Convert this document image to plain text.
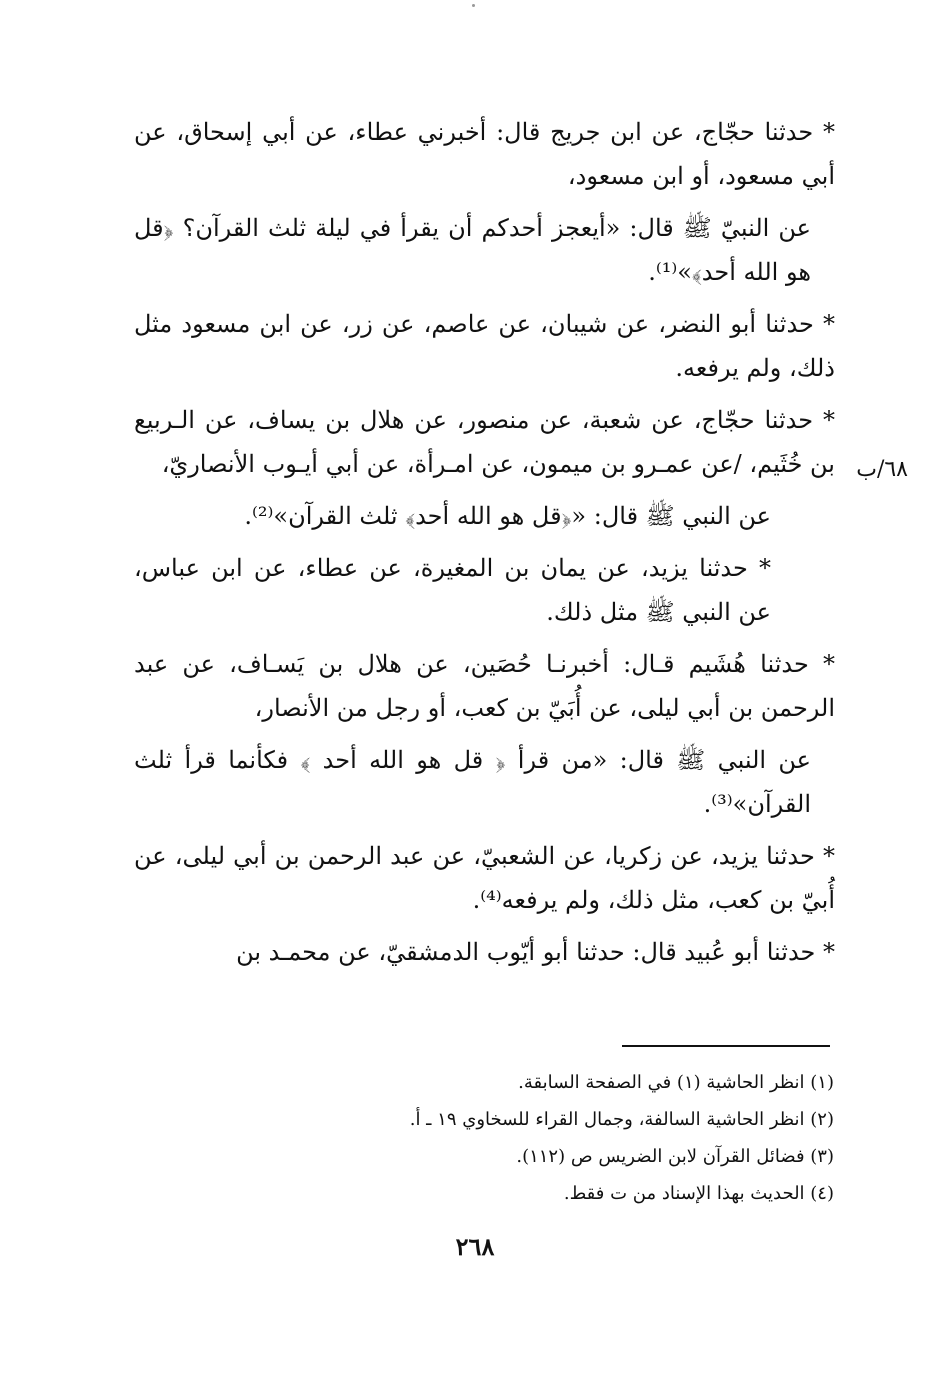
* حدثنا حجّاج، عن ابن جريج قال: أخبرني عطاء، عن أبي إسحاق، عن أبي مسعود، أو ابن مسعود،

عن النبيّ ﷺ قال: «أيعجز أحدكم أن يقرأ في ليلة ثلث القرآن؟ ﴿قل هو الله أحد﴾»⁽¹⁾.

* حدثنا أبو النضر، عن شيبان، عن عاصم، عن زر، عن ابن مسعود مثل ذلك، ولم يرفعه.

* حدثنا حجّاج، عن شعبة، عن منصور، عن هلال بن يساف، عن الـربيع بن خُثَيم، /عن عمـرو بن ميمون، عن امـرأة، عن أبي أيـوب الأنصاريّ،

عن النبي ﷺ قال: «﴿قل هو الله أحد﴾ ثلث القرآن»⁽²⁾.

* حدثنا يزيد، عن يمان بن المغيرة، عن عطاء، عن ابن عباس، عن النبي ﷺ مثل ذلك.

* حدثنا هُشَيم قـال: أخبرنـا حُصَين، عن هلال بن يَسـاف، عن عبد الرحمن بن أبي ليلى، عن أُبَيّ بن كعب، أو رجل من الأنصار،

عن النبي ﷺ قال: «من قرأ ﴿ قل هو الله أحد ﴾ فكأنما قرأ ثلث القرآن»⁽³⁾.

* حدثنا يزيد، عن زكريا، عن الشعبيّ، عن عبد الرحمن بن أبي ليلى، عن أُبيّ بن كعب، مثل ذلك، ولم يرفعه⁽⁴⁾.

* حدثنا أبو عُبيد قال: حدثنا أبو أيّوب الدمشقيّ، عن محمـد بن

٦٨/ب

(١) انظر الحاشية (١) في الصفحة السابقة.

(٢) انظر الحاشية السالفة، وجمال القراء للسخاوي ١٩ ـ أ.

(٣) فضائل القرآن لابن الضريس ص (١١٢).

(٤) الحديث بهذا الإسناد من ت فقط.

٢٦٨
